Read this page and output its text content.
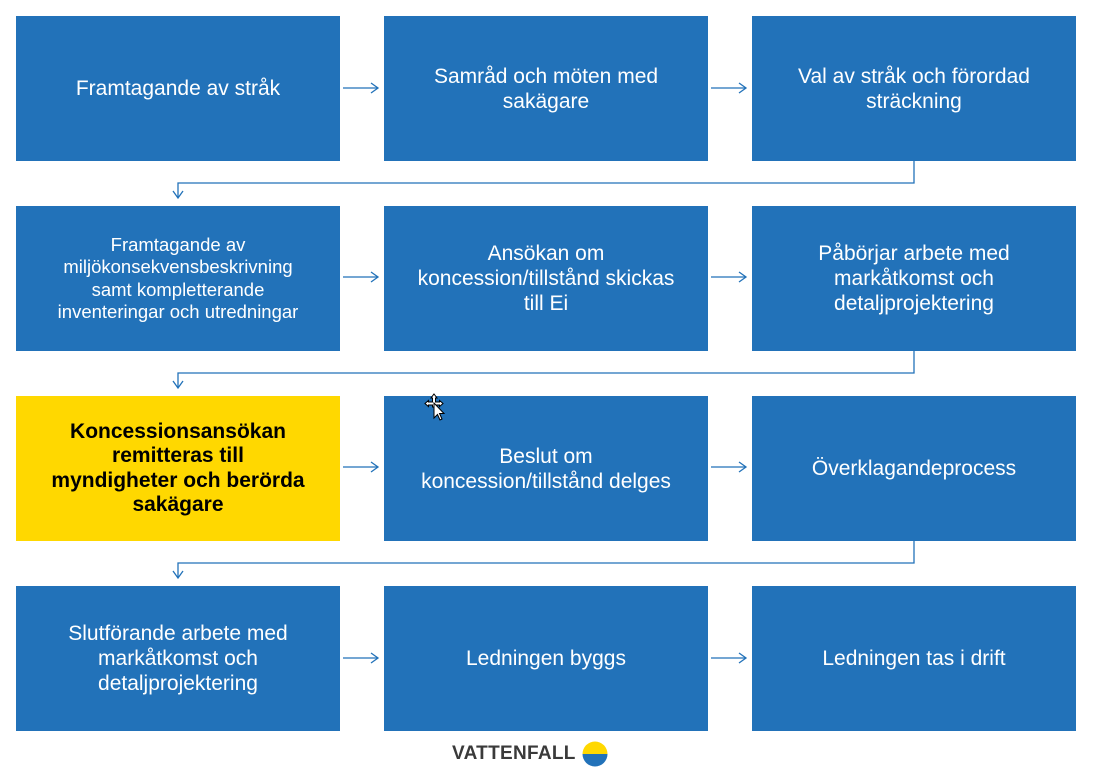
Framtagande av stråk
Samråd och möten med
sakägare
Val av stråk och förordad
sträckning
Framtagande av
miljökonsekvensbeskrivning
samt kompletterande
inventeringar och utredningar
Ansökan om
koncession/tillstånd skickas
till Ei
Påbörjar arbete med
markåtkomst och
detaljprojektering
Koncessionsansökan
remitteras till
myndigheter och berörda
sakägare
Beslut om
koncession/tillstånd delges
Överklagandeprocess
Slutförande arbete med
markåtkomst och
detaljprojektering
Ledningen byggs	Ledningen tas i drift
VATTENFALL
